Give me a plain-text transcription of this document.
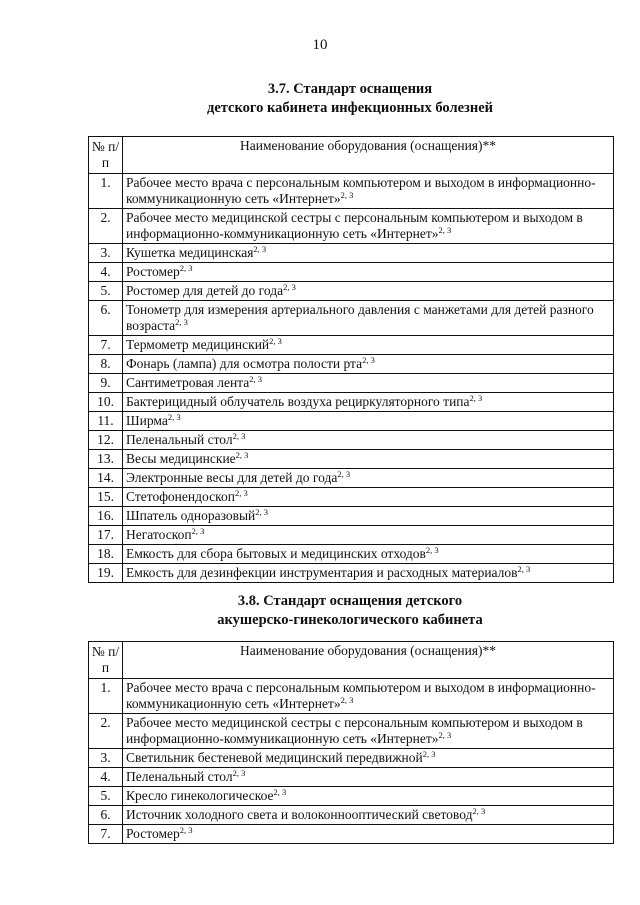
10
3.7. Стандарт оснащения
детского кабинета инфекционных болезней
№ п/п	Наименование оборудования (оснащения)**
1.	Рабочее место врача с персональным компьютером и выходом в информационно-коммуникационную сеть «Интернет»$^{2, 3}$
2.	Рабочее место медицинской сестры с персональным компьютером и выходом в информационно-коммуникационную сеть «Интернет»$^{2, 3}$
3.	Кушетка медицинская$^{2, 3}$
4.	Ростомер$^{2, 3}$
5.	Ростомер для детей до года$^{2, 3}$
6.	Тонометр для измерения артериального давления с манжетами для детей разного возраста$^{2, 3}$
7.	Термометр медицинский$^{2, 3}$
8.	Фонарь (лампа) для осмотра полости рта$^{2, 3}$
9.	Сантиметровая лента$^{2, 3}$
10.	Бактерицидный облучатель воздуха рециркуляторного типа$^{2, 3}$
11.	Ширма$^{2, 3}$
12.	Пеленальный стол$^{2, 3}$
13.	Весы медицинские$^{2, 3}$
14.	Электронные весы для детей до года$^{2, 3}$
15.	Стетофонендоскоп$^{2, 3}$
16.	Шпатель одноразовый$^{2, 3}$
17.	Негатоскоп$^{2, 3}$
18.	Емкость для сбора бытовых и медицинских отходов$^{2, 3}$
19.	Емкость для дезинфекции инструментария и расходных материалов$^{2, 3}$
3.8. Стандарт оснащения детского
акушерско-гинекологического кабинета
№ п/п	Наименование оборудования (оснащения)**
1.	Рабочее место врача с персональным компьютером и выходом в информационно-коммуникационную сеть «Интернет»$^{2, 3}$
2.	Рабочее место медицинской сестры с персональным компьютером и выходом в информационно-коммуникационную сеть «Интернет»$^{2, 3}$
3.	Светильник бестеневой медицинский передвижной$^{2, 3}$
4.	Пеленальный стол$^{2, 3}$
5.	Кресло гинекологическое$^{2, 3}$
6.	Источник холодного света и волоконнооптический световод$^{2, 3}$
7.	Ростомер$^{2, 3}$
